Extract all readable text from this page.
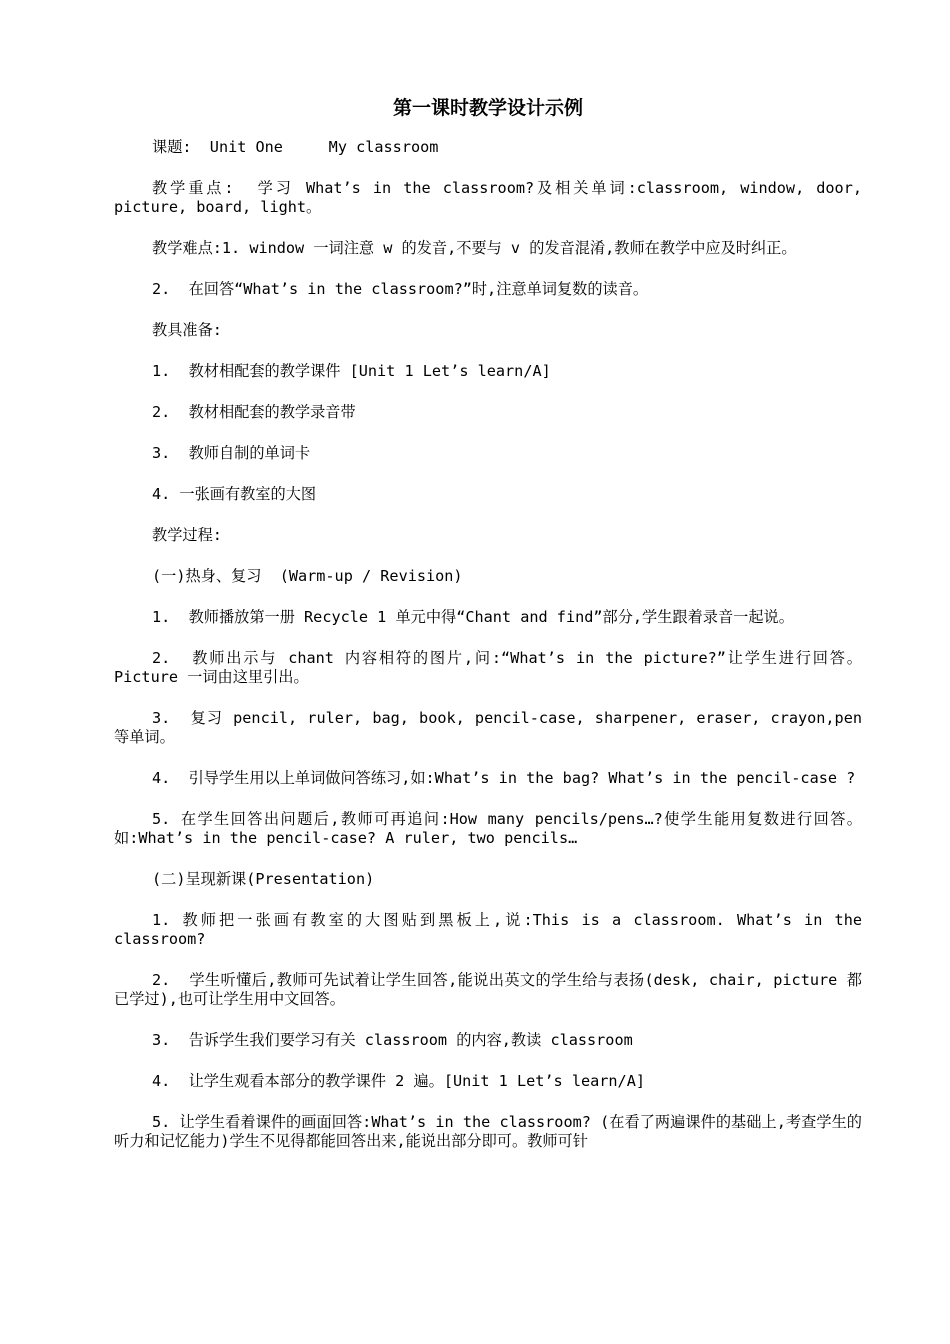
第一课时教学设计示例

课题:  Unit One     My classroom

教学重点:  学习 What’s in the classroom?及相关单词:classroom, window, door, picture, board, light。

教学难点:1. window 一词注意 w 的发音,不要与 v 的发音混淆,教师在教学中应及时纠正。

2.  在回答“What’s in the classroom?”时,注意单词复数的读音。

教具准备:

1.  教材相配套的教学课件 [Unit 1 Let’s learn/A]

2.  教材相配套的教学录音带

3.  教师自制的单词卡

4. 一张画有教室的大图

教学过程:

(一)热身、复习  (Warm-up / Revision)

1.  教师播放第一册 Recycle 1 单元中得“Chant and find”部分,学生跟着录音一起说。

2.  教师出示与 chant 内容相符的图片,问:“What’s in the picture?”让学生进行回答。Picture 一词由这里引出。

3.  复习 pencil, ruler, bag, book, pencil-case, sharpener, eraser, crayon,pen 等单词。

4.  引导学生用以上单词做问答练习,如:What’s in the bag? What’s in the pencil-case ?

5. 在学生回答出问题后,教师可再追问:How many pencils/pens…?使学生能用复数进行回答。如:What’s in the pencil-case? A ruler, two pencils…

(二)呈现新课(Presentation)

1. 教师把一张画有教室的大图贴到黑板上,说:This is a classroom. What’s in the classroom?

2.  学生听懂后,教师可先试着让学生回答,能说出英文的学生给与表扬(desk, chair, picture 都已学过),也可让学生用中文回答。

3.  告诉学生我们要学习有关 classroom 的内容,教读 classroom

4.  让学生观看本部分的教学课件 2 遍。[Unit 1 Let’s learn/A]

5. 让学生看着课件的画面回答:What’s in the classroom? (在看了两遍课件的基础上,考查学生的听力和记忆能力)学生不见得都能回答出来,能说出部分即可。教师可针
